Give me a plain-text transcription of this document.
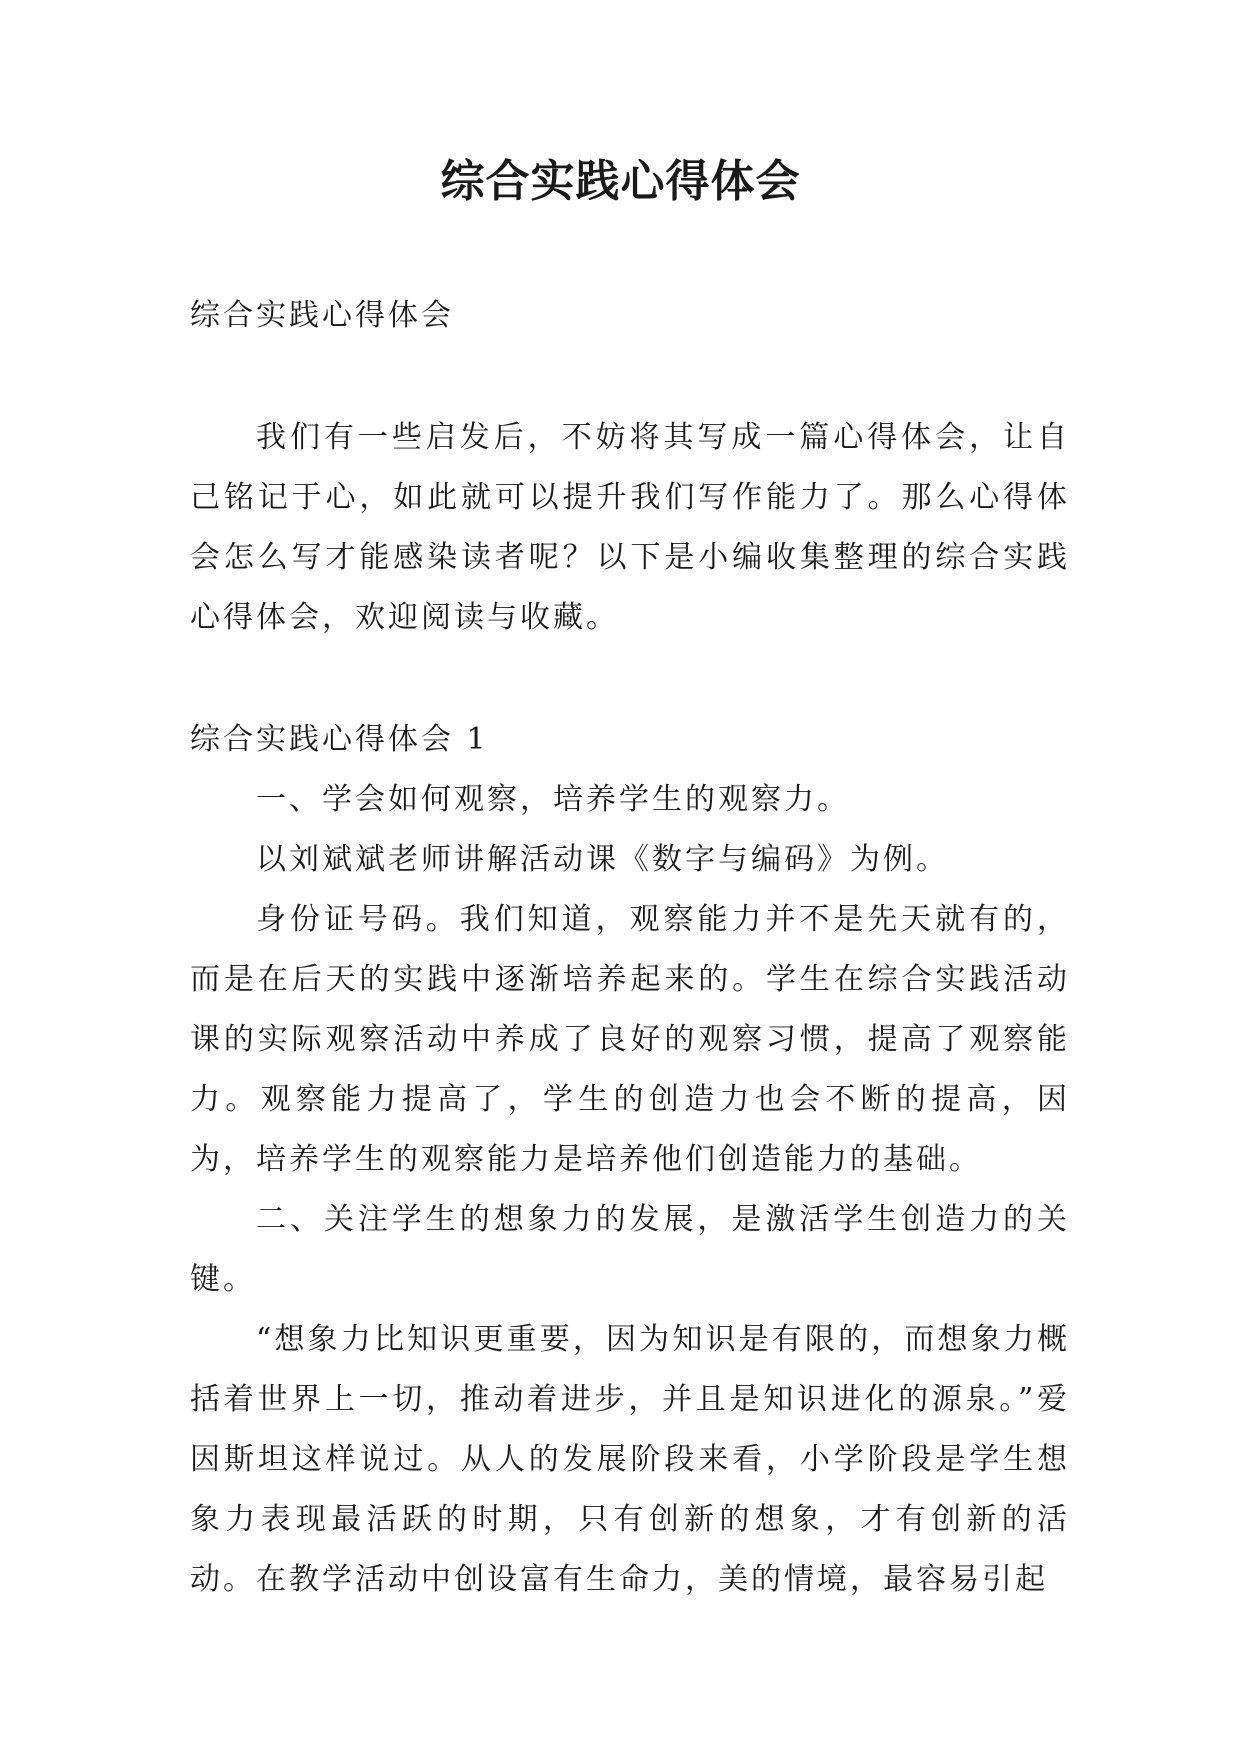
综合实践心得体会

综合实践心得体会

我们有一些启发后，不妨将其写成一篇心得体会，让自己铭记于心，如此就可以提升我们写作能力了。那么心得体会怎么写才能感染读者呢？以下是小编收集整理的综合实践心得体会，欢迎阅读与收藏。

综合实践心得体会 1

一、学会如何观察，培养学生的观察力。

以刘斌斌老师讲解活动课《数字与编码》为例。

身份证号码。我们知道，观察能力并不是先天就有的，而是在后天的实践中逐渐培养起来的。学生在综合实践活动课的实际观察活动中养成了良好的观察习惯，提高了观察能力。观察能力提高了，学生的创造力也会不断的提高，因为，培养学生的观察能力是培养他们创造能力的基础。

二、关注学生的想象力的发展，是激活学生创造力的关键。

“想象力比知识更重要，因为知识是有限的，而想象力概括着世界上一切，推动着进步，并且是知识进化的源泉。”爱因斯坦这样说过。从人的发展阶段来看，小学阶段是学生想象力表现最活跃的时期，只有创新的想象，才有创新的活动。在教学活动中创设富有生命力，美的情境，最容易引起
